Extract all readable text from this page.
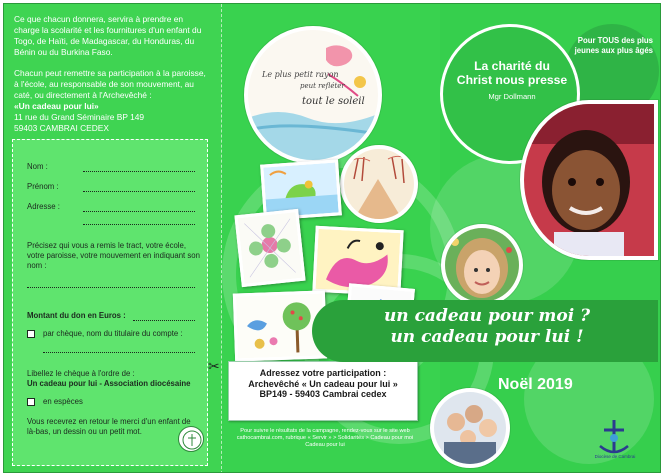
Ce que chacun donnera, servira à prendre en charge la scolarité et les fournitures d'un enfant du Togo, de Haïti, de Madagascar, du Honduras, du Bénin ou du Burkina Faso.

Chacun peut remettre sa participation à la paroisse, à l'école, au responsable de son mouvement, au caté, ou directement à l'Archevêché :

«Un cadeau pour lui»
11 rue du Grand Séminaire BP 149
59403 CAMBRAI CEDEX
Nom :
Prénom :
Adresse :
Précisez qui vous a remis le tract, votre école, votre paroisse, votre mouvement en indiquant son nom :
Montant du don en Euros :
par chèque, nom du titulaire du compte :
Libellez le chèque à l'ordre de :
Un cadeau pour lui - Association diocésaine
en espèces
Vous recevrez en retour le merci d'un enfant de là-bas, un dessin ou un petit mot.
✂
Le plus petit rayon
peut refléter
tout le soleil
Adressez votre participation :
Archevêché « Un cadeau pour lui »
BP149 - 59403 Cambrai cedex
Pour suivre le résultats de la campagne, rendez-vous sur le site web cathocambrai.com, rubrique « Servir » > Solidarités > Cadeau pour moi Cadeau pour lui
Pour TOUS des plus jeunes aux plus âgés
La charité du Christ nous presse
Mgr Dollmann
un cadeau pour moi ?
un cadeau pour lui !
Noël 2019
Diocèse de Cambrai
